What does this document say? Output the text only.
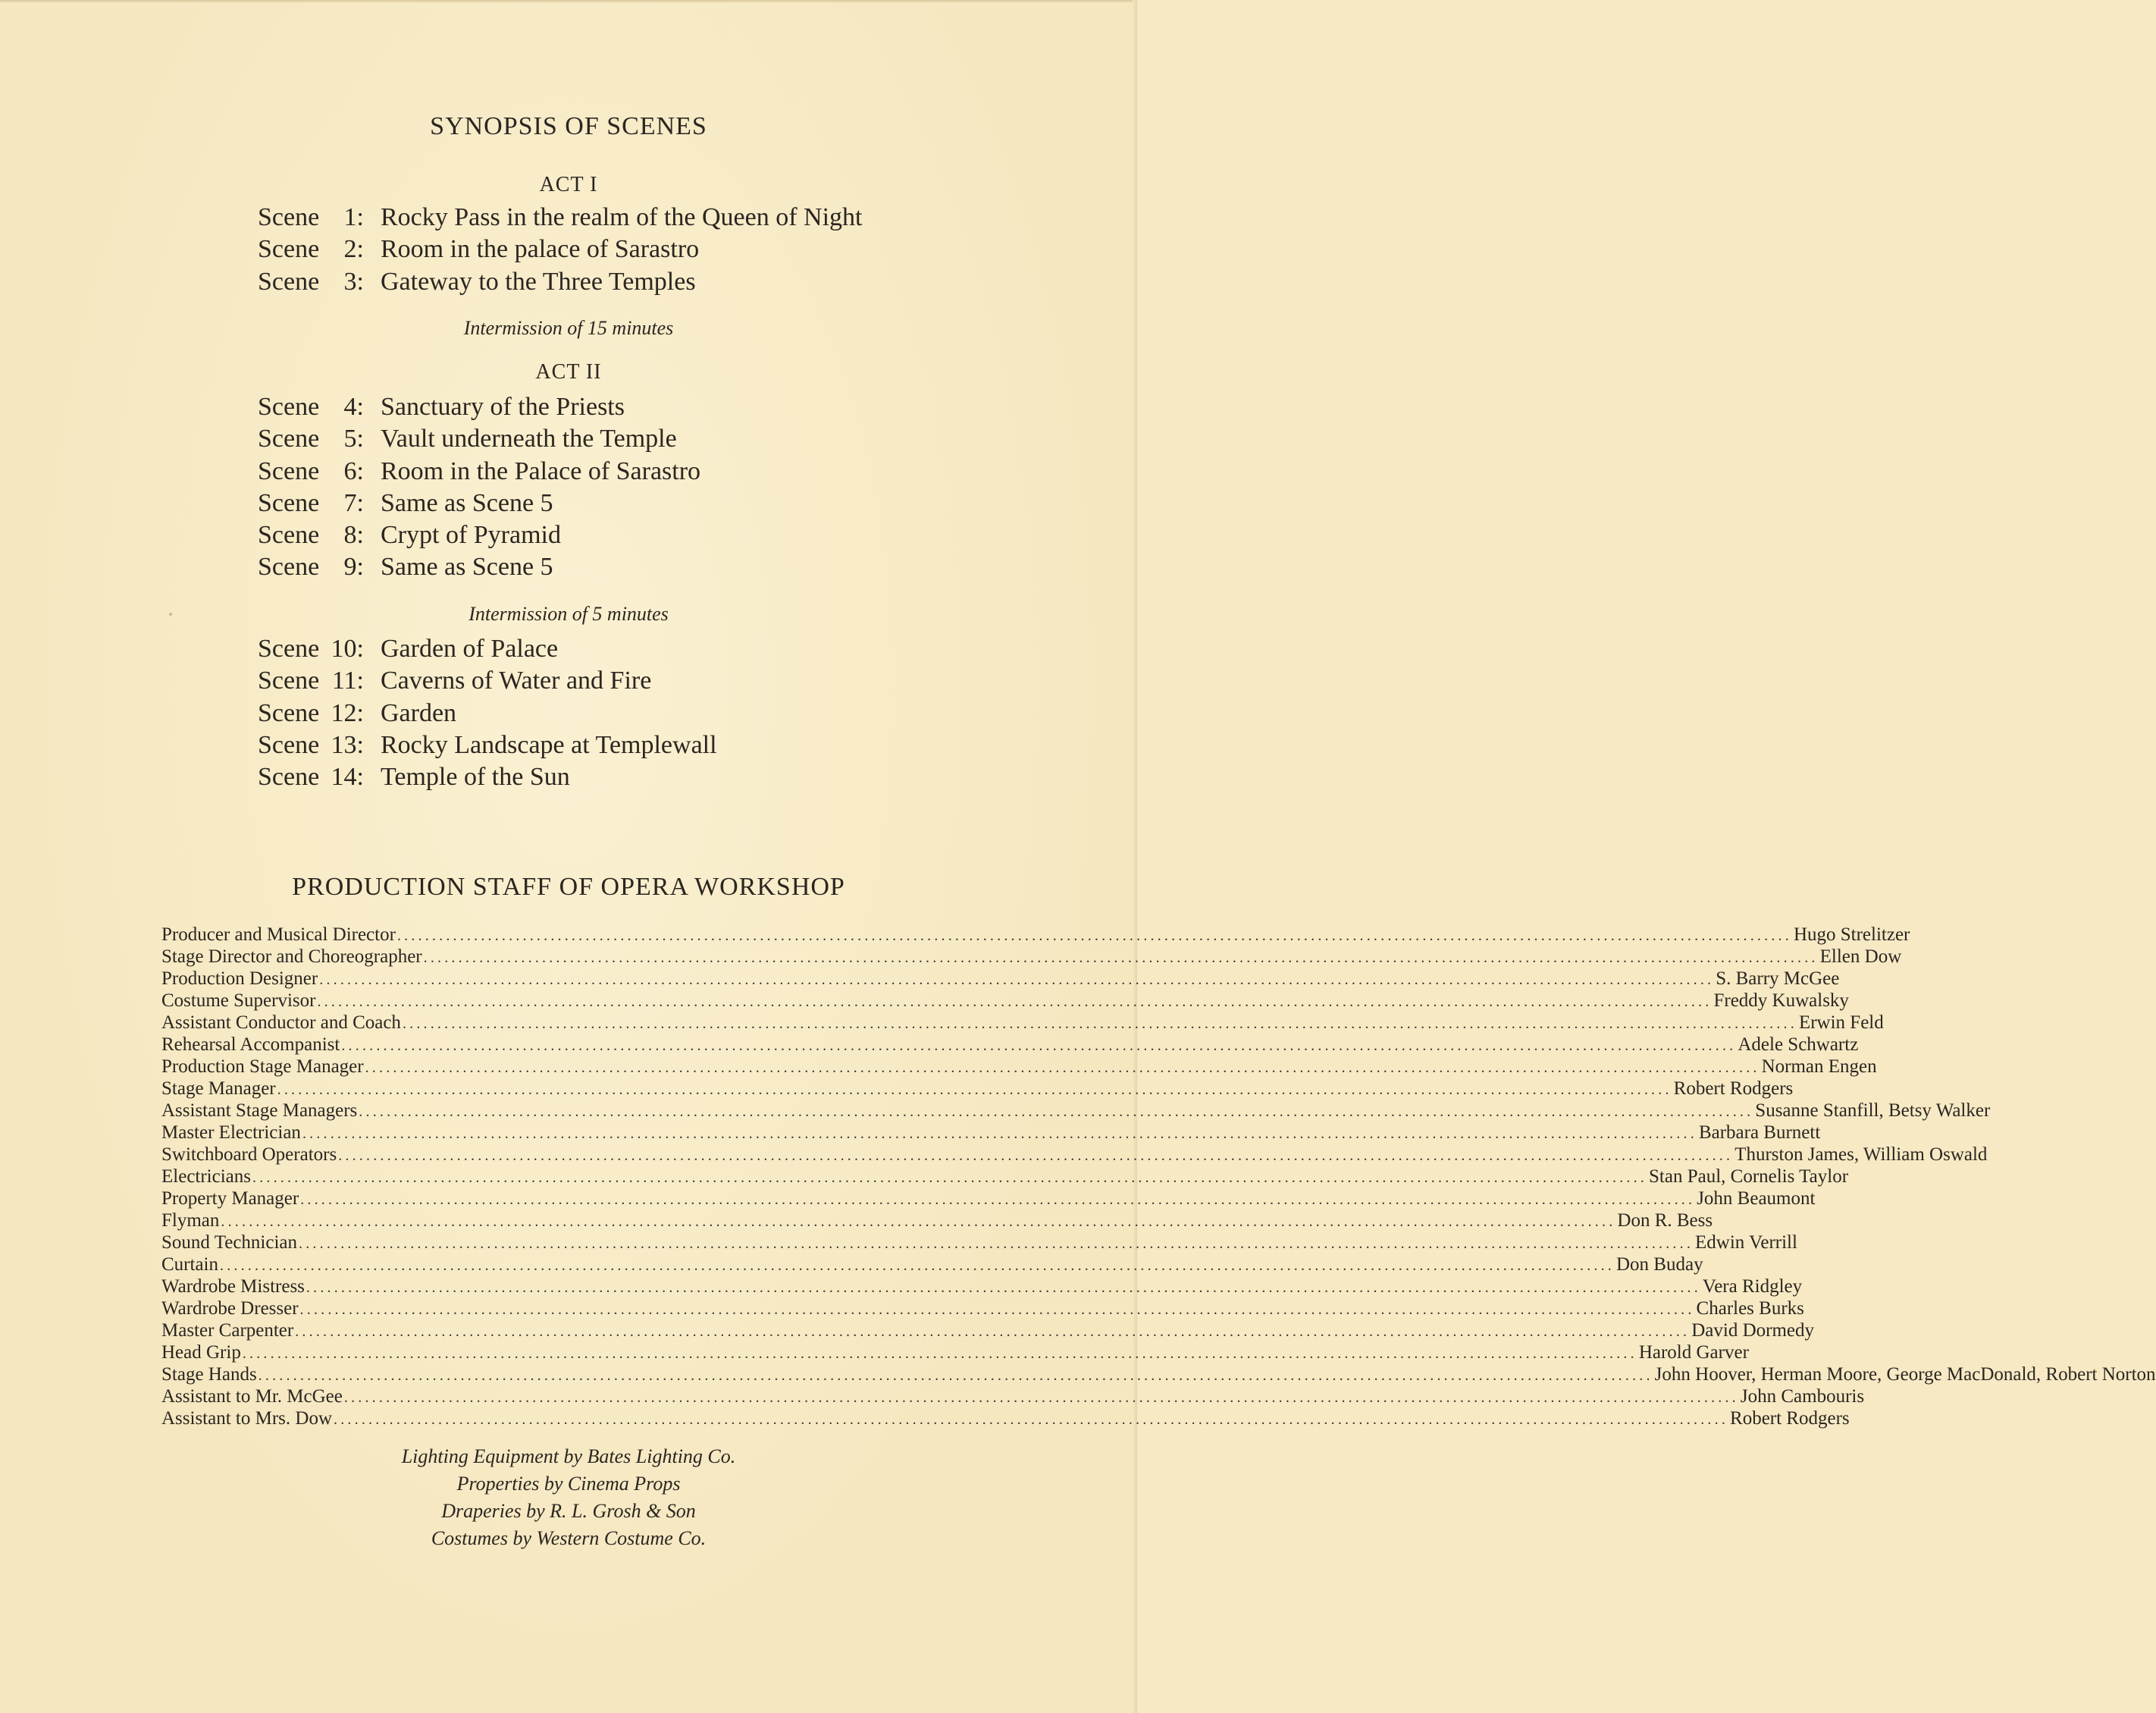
SYNOPSIS OF SCENES
ACT I
Scene 1: Rocky Pass in the realm of the Queen of Night
Scene 2: Room in the palace of Sarastro
Scene 3: Gateway to the Three Temples
Intermission of 15 minutes
ACT II
Scene 4: Sanctuary of the Priests
Scene 5: Vault underneath the Temple
Scene 6: Room in the Palace of Sarastro
Scene 7: Same as Scene 5
Scene 8: Crypt of Pyramid
Scene 9: Same as Scene 5
Intermission of 5 minutes
Scene 10: Garden of Palace
Scene 11: Caverns of Water and Fire
Scene 12: Garden
Scene 13: Rocky Landscape at Templewall
Scene 14: Temple of the Sun
PRODUCTION STAFF OF OPERA WORKSHOP
Producer and Musical Director ........................................................................................................................................................................................................ Hugo Strelitzer
Stage Director and Choreographer ........................................................................................................................................................................................................ Ellen Dow
Production Designer ........................................................................................................................................................................................................ S. Barry McGee
Costume Supervisor ........................................................................................................................................................................................................ Freddy Kuwalsky
Assistant Conductor and Coach ........................................................................................................................................................................................................ Erwin Feld
Rehearsal Accompanist ........................................................................................................................................................................................................ Adele Schwartz
Production Stage Manager ........................................................................................................................................................................................................ Norman Engen
Stage Manager ........................................................................................................................................................................................................ Robert Rodgers
Assistant Stage Managers ........................................................................................................................................................................................................ Susanne Stanfill, Betsy Walker
Master Electrician ........................................................................................................................................................................................................ Barbara Burnett
Switchboard Operators ........................................................................................................................................................................................................ Thurston James, William Oswald
Electricians ........................................................................................................................................................................................................ Stan Paul, Cornelis Taylor
Property Manager ........................................................................................................................................................................................................ John Beaumont
Flyman ........................................................................................................................................................................................................ Don R. Bess
Sound Technician ........................................................................................................................................................................................................ Edwin Verrill
Curtain ........................................................................................................................................................................................................ Don Buday
Wardrobe Mistress ........................................................................................................................................................................................................ Vera Ridgley
Wardrobe Dresser ........................................................................................................................................................................................................ Charles Burks
Master Carpenter ........................................................................................................................................................................................................ David Dormedy
Head Grip ........................................................................................................................................................................................................ Harold Garver
Stage Hands ........................................................................................................................................................................................................ John Hoover, Herman Moore, George MacDonald, Robert Norton
Assistant to Mr. McGee ........................................................................................................................................................................................................ John Cambouris
Assistant to Mrs. Dow ........................................................................................................................................................................................................ Robert Rodgers
Lighting Equipment by Bates Lighting Co.
Properties by Cinema Props
Draperies by R. L. Grosh & Son
Costumes by Western Costume Co.
